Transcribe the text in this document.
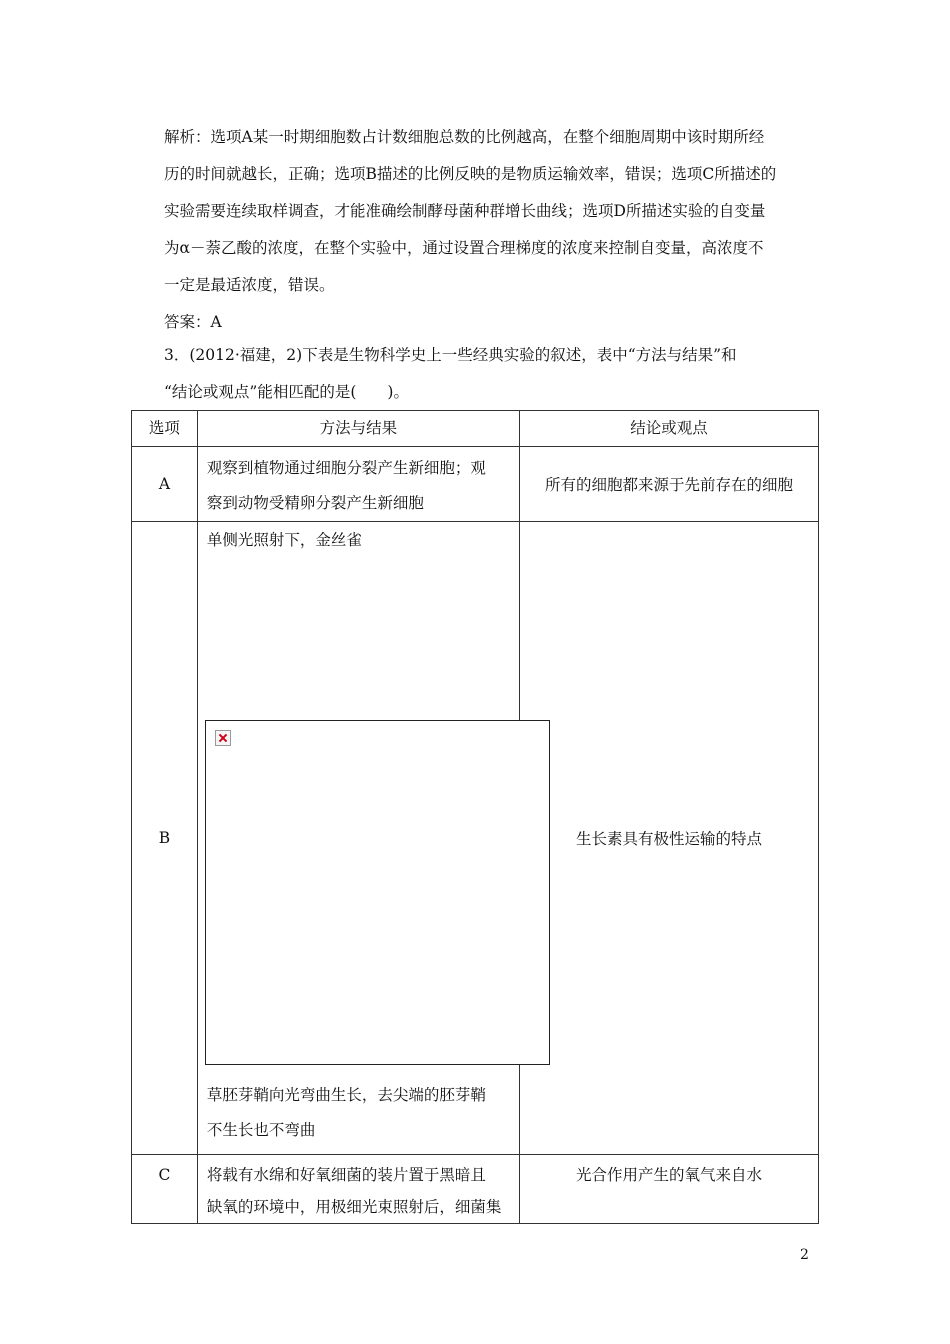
解析：选项A某一时期细胞数占计数细胞总数的比例越高，在整个细胞周期中该时期所经
历的时间就越长，正确；选项B描述的比例反映的是物质运输效率，错误；选项C所描述的
实验需要连续取样调查，才能准确绘制酵母菌种群增长曲线；选项D所描述实验的自变量
为α－萘乙酸的浓度，在整个实验中，通过设置合理梯度的浓度来控制自变量，高浓度不
一定是最适浓度，错误。
答案：A
3．(2012·福建，2)下表是生物科学史上一些经典实验的叙述，表中“方法与结果”和
“结论或观点”能相匹配的是(　　)。
选项	方法与结果	结论或观点

A	观察到植物通过细胞分裂产生新细胞；观
察到动物受精卵分裂产生新细胞	所有的细胞都来源于先前存在的细胞

B	单侧光照射下，金丝雀
草胚芽鞘向光弯曲生长，去尖端的胚芽鞘
不生长也不弯曲	生长素具有极性运输的特点

C	将载有水绵和好氧细菌的装片置于黑暗且
缺氧的环境中，用极细光束照射后，细菌集	光合作用产生的氧气来自水
2
